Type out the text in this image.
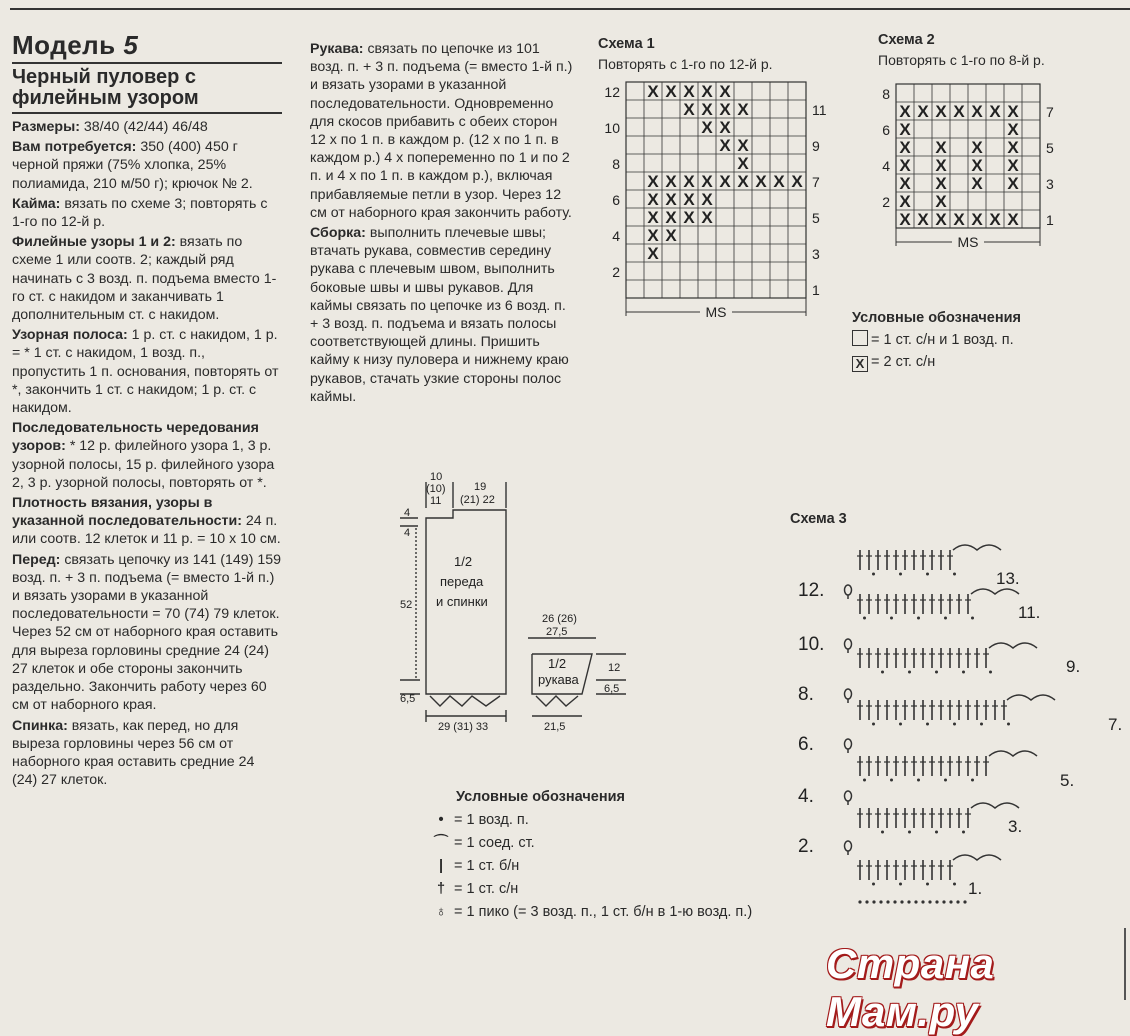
Модель 5
Черный пуловер с филейным узором
Размеры: 38/40 (42/44) 46/48
Вам потребуется: 350 (400) 450 г черной пряжи (75% хлопка, 25% полиамида, 210 м/50 г); крючок № 2.
Кайма: вязать по схеме 3; повторять с 1-го по 12-й р.
Филейные узоры 1 и 2: вязать по схеме 1 или соотв. 2; каждый ряд начинать с 3 возд. п. подъема вместо 1-го ст. с накидом и заканчивать 1 дополнительным ст. с накидом.
Узорная полоса: 1 р. ст. с накидом, 1 р. = * 1 ст. с накидом, 1 возд. п., пропустить 1 п. основания, повторять от *, закончить 1 ст. с накидом; 1 р. ст. с накидом.
Последовательность чередования узоров: * 12 р. филейного узора 1, 3 р. узорной полосы, 15 р. филейного узора 2, 3 р. узорной полосы, повторять от *.
Плотность вязания, узоры в указанной последовательности: 24 п. или соотв. 12 клеток и 11 р. = 10 х 10 см.
Перед: связать цепочку из 141 (149) 159 возд. п. + 3 п. подъема (= вместо 1-й п.) и вязать узорами в указанной последовательности = 70 (74) 79 клеток. Через 52 см от наборного края оставить для выреза горловины средние 24 (24) 27 клеток и обе стороны закончить раздельно. Закончить работу через 60 см от наборного края.
Спинка: вязать, как перед, но для выреза горловины через 56 см от наборного края оставить средние 24 (24) 27 клеток.
Рукава: связать по цепочке из 101 возд. п. + 3 п. подъема (= вместо 1-й п.) и вязать узорами в указанной последовательности. Одновременно для скосов прибавить с обеих сторон 12 х по 1 п. в каждом р. (12 х по 1 п. в каждом р.) 4 х попеременно по 1 и по 2 п. и 4 х по 1 п. в каждом р.), включая прибавляемые петли в узор. Через 12 см от наборного края закончить работу.
Сборка: выполнить плечевые швы; втачать рукава, совместив середину рукава с плечевым швом, выполнить боковые швы и швы рукавов. Для каймы связать по цепочке из 6 возд. п. + 3 возд. п. подъема и вязать полосы соответствующей длины. Пришить кайму к низу пуловера и нижнему краю рукавов, стачать узкие стороны полос каймы.
Схема 1
Повторять с 1-го по 12-й р.
X X X X X
X X X X
X X
X X
X
X X X X X X X X X
X X X X
X X X X
X X
X
12
10
8
6
4
2
11
9
7
5
3
1
MS
Схема 2
Повторять с 1-го по 8-й р.
X X X X X X X
X	X
X X X X
X X X X
X X X X
X X
X X X X X X X
8
6
4
2
7
5
3
1
MS
Условные обозначения
= 1 ст. с/н и 1 возд. п.
X = 2 ст. с/н
10
(10)
11
19
(21) 22
4
4
52
6,5
29 (31) 33
26 (26)
27,5
12
6,5
21,5
1/2
переда
и спинки
1/2
рукава
Условные обозначения
• = 1 возд. п.
⌒ = 1 соед. ст.
| = 1 ст. б/н
† = 1 ст. с/н
♁ = 1 пико (= 3 возд. п., 1 ст. б/н в 1-ю возд. п.)
Схема 3
12.
10.
8.
6.
4.
2.
13.
11.
9.
7.
5.
3.
1.
Страна Мам.ру
